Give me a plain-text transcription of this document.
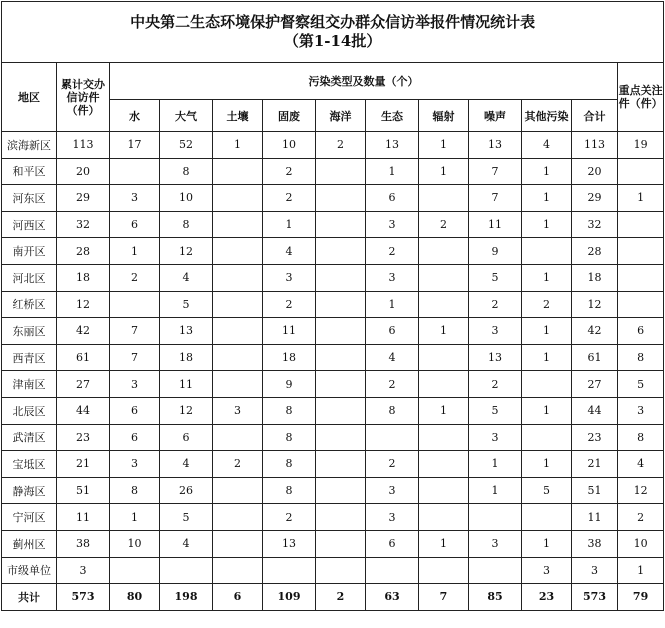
中央第二生态环境保护督察组交办群众信访举报件情况统计表
（第1-14批）												

地区	累计交办信访件（件）	污染类型及数量（个）										重点关注件（件）
		水	大气	土壤	固废	海洋	生态	辐射	噪声	其他污染	合计	
滨海新区	113	17	52	1	10	2	13	1	13	4	113	19
和平区	20		8		2		1	1	7	1	20	
河东区	29	3	10		2		6		7	1	29	1
河西区	32	6	8		1		3	2	11	1	32	
南开区	28	1	12		4		2		9		28	
河北区	18	2	4		3		3		5	1	18	
红桥区	12		5		2		1		2	2	12	
东丽区	42	7	13		11		6	1	3	1	42	6
西青区	61	7	18		18		4		13	1	61	8
津南区	27	3	11		9		2		2		27	5
北辰区	44	6	12	3	8		8	1	5	1	44	3
武清区	23	6	6		8				3		23	8
宝坻区	21	3	4	2	8		2		1	1	21	4
静海区	51	8	26		8		3		1	5	51	12
宁河区	11	1	5		2		3				11	2
蓟州区	38	10	4		13		6	1	3	1	38	10
市级单位	3									3	3	1
共计	573	80	198	6	109	2	63	7	85	23	573	79
